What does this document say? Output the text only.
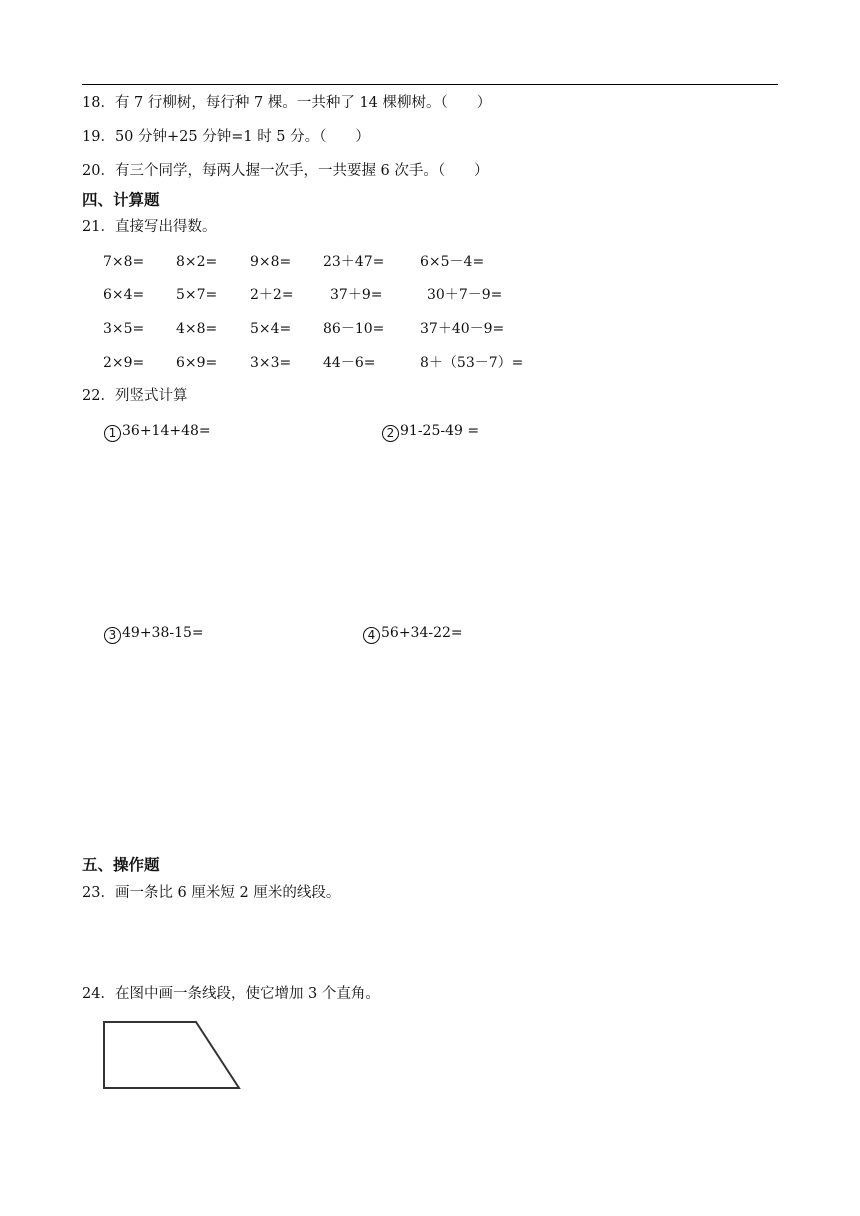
18．有 7 行柳树，每行种 7 棵。一共种了 14 棵柳树。（　　）
19．50 分钟+25 分钟=1 时 5 分。（　　）
20．有三个同学，每两人握一次手，一共要握 6 次手。（　　）
四、计算题
21．直接写出得数。
7×8= 8×2= 9×8= 23＋47=	6×5－4=
6×4= 5×7= 2＋2=	37＋9=	30＋7－9=
3×5= 4×8= 5×4= 86－10=	37＋40－9=
2×9= 6×9= 3×3= 44－6=	8＋（53－7）=
22．列竖式计算
1 36+14+48=	2 91-25-49 =
3 49+38-15=	4 56+34-22=
五、操作题
23．画一条比 6 厘米短 2 厘米的线段。
24．在图中画一条线段，使它增加 3 个直角。
